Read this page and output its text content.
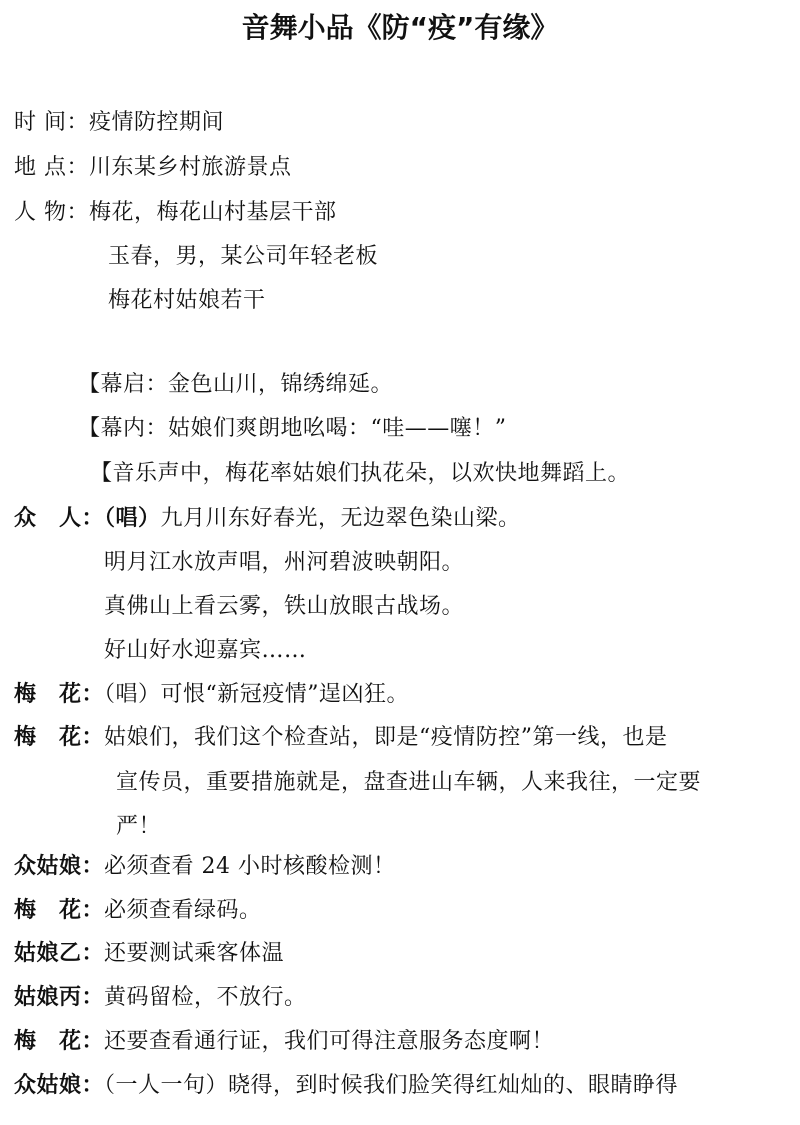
音舞小品《防“疫”有缘》
时 间：疫情防控期间
地 点：川东某乡村旅游景点
人 物：梅花，梅花山村基层干部
玉春，男，某公司年轻老板
梅花村姑娘若干
【幕启：金色山川，锦绣绵延。
【幕内：姑娘们爽朗地吆喝：“哇——噻！”
【音乐声中，梅花率姑娘们执花朵，以欢快地舞蹈上。
众　人：（唱）九月川东好春光，无边翠色染山梁。
明月江水放声唱，州河碧波映朝阳。
真佛山上看云雾，铁山放眼古战场。
好山好水迎嘉宾……
梅　花：（唱）可恨“新冠疫情”逞凶狂。
梅　花：姑娘们，我们这个检查站，即是“疫情防控”第一线，也是
宣传员，重要措施就是，盘查进山车辆，人来我往，一定要
严！
众姑娘：必须查看 24 小时核酸检测！
梅　花：必须查看绿码。
姑娘乙：还要测试乘客体温
姑娘丙：黄码留检，不放行。
梅　花：还要查看通行证，我们可得注意服务态度啊！
众姑娘：（一人一句）晓得，到时候我们脸笑得红灿灿的、眼睛睁得
